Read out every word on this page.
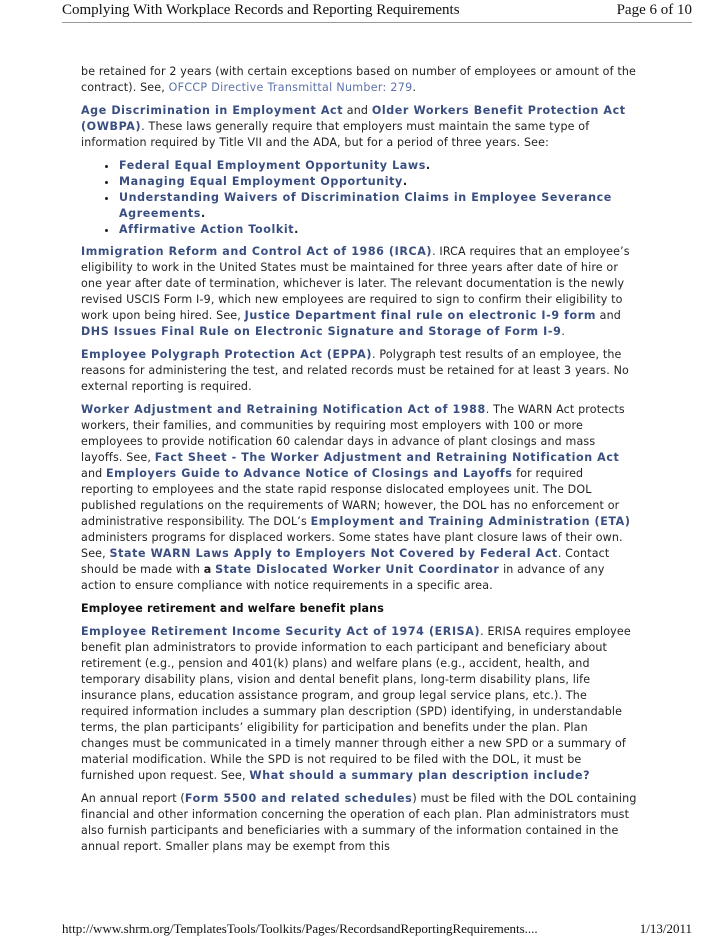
Complying With Workplace Records and Reporting Requirements	Page 6 of 10

be retained for 2 years (with certain exceptions based on number of employees or amount of the contract). See, OFCCP Directive Transmittal Number: 279.

Age Discrimination in Employment Act and Older Workers Benefit Protection Act (OWBPA). These laws generally require that employers must maintain the same type of information required by Title VII and the ADA, but for a period of three years. See:

• Federal Equal Employment Opportunity Laws.
• Managing Equal Employment Opportunity.
• Understanding Waivers of Discrimination Claims in Employee Severance Agreements.
• Affirmative Action Toolkit.

Immigration Reform and Control Act of 1986 (IRCA). IRCA requires that an employee’s eligibility to work in the United States must be maintained for three years after date of hire or one year after date of termination, whichever is later. The relevant documentation is the newly revised USCIS Form I-9, which new employees are required to sign to confirm their eligibility to work upon being hired. See, Justice Department final rule on electronic I-9 form and DHS Issues Final Rule on Electronic Signature and Storage of Form I-9.

Employee Polygraph Protection Act (EPPA). Polygraph test results of an employee, the reasons for administering the test, and related records must be retained for at least 3 years. No external reporting is required.

Worker Adjustment and Retraining Notification Act of 1988. The WARN Act protects workers, their families, and communities by requiring most employers with 100 or more employees to provide notification 60 calendar days in advance of plant closings and mass layoffs. See, Fact Sheet - The Worker Adjustment and Retraining Notification Act and Employers Guide to Advance Notice of Closings and Layoffs for required reporting to employees and the state rapid response dislocated employees unit. The DOL published regulations on the requirements of WARN; however, the DOL has no enforcement or administrative responsibility. The DOL’s Employment and Training Administration (ETA) administers programs for displaced workers. Some states have plant closure laws of their own. See, State WARN Laws Apply to Employers Not Covered by Federal Act. Contact should be made with a State Dislocated Worker Unit Coordinator in advance of any action to ensure compliance with notice requirements in a specific area.

Employee retirement and welfare benefit plans

Employee Retirement Income Security Act of 1974 (ERISA). ERISA requires employee benefit plan administrators to provide information to each participant and beneficiary about retirement (e.g., pension and 401(k) plans) and welfare plans (e.g., accident, health, and temporary disability plans, vision and dental benefit plans, long-term disability plans, life insurance plans, education assistance program, and group legal service plans, etc.). The required information includes a summary plan description (SPD) identifying, in understandable terms, the plan participants’ eligibility for participation and benefits under the plan. Plan changes must be communicated in a timely manner through either a new SPD or a summary of material modification. While the SPD is not required to be filed with the DOL, it must be furnished upon request. See, What should a summary plan description include?

An annual report (Form 5500 and related schedules) must be filed with the DOL containing financial and other information concerning the operation of each plan. Plan administrators must also furnish participants and beneficiaries with a summary of the information contained in the annual report. Smaller plans may be exempt from this

http://www.shrm.org/TemplatesTools/Toolkits/Pages/RecordsandReportingRequirements....	1/13/2011
